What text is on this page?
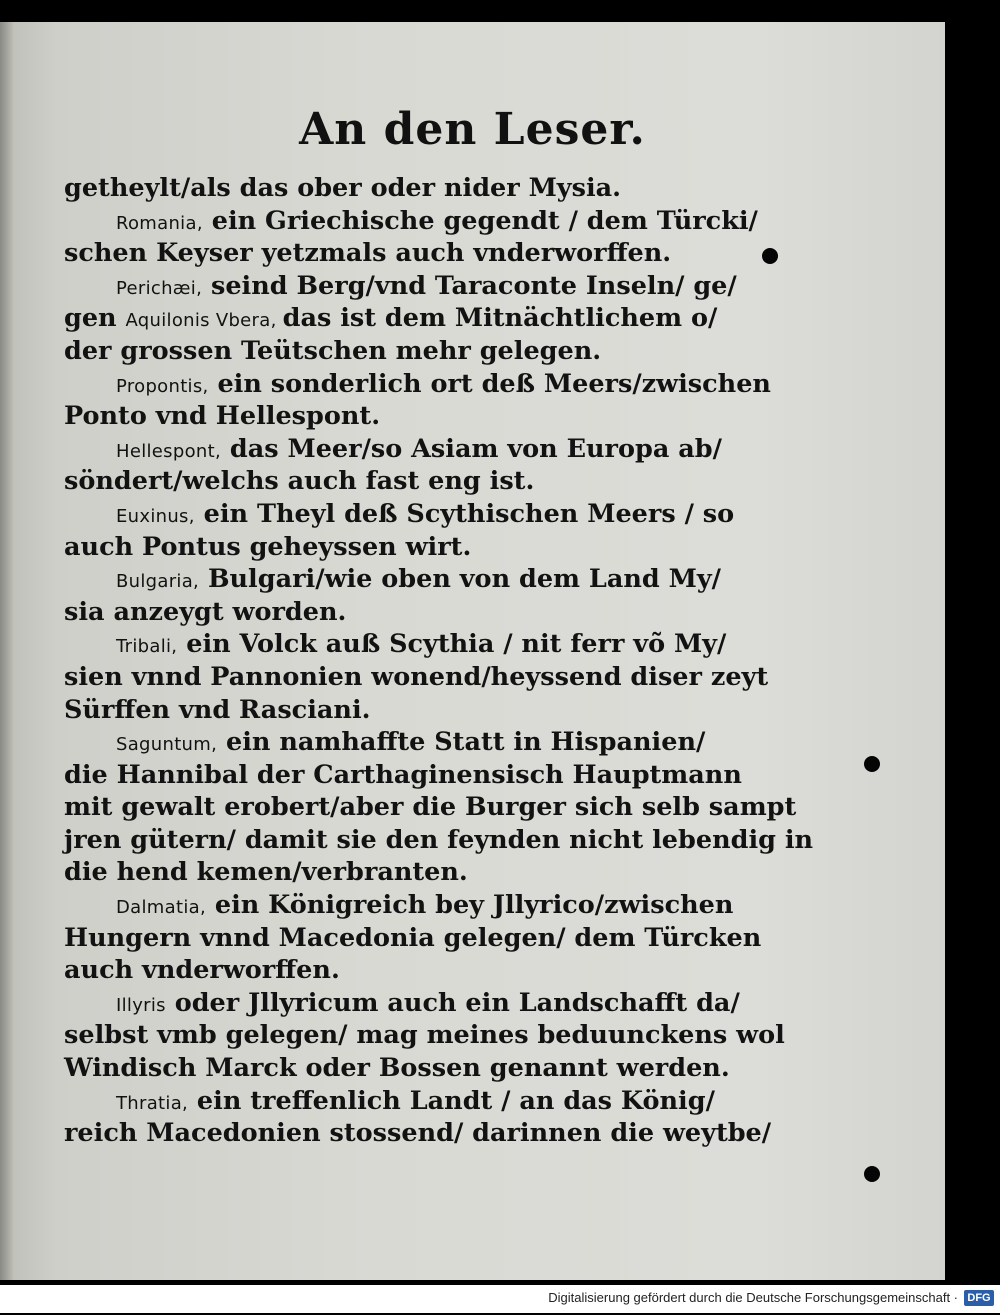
An den Leser.
getheylt/als das ober oder nider Mysia.
Romania, ein Griechische gegendt / dem Türcki/
schen Keyser yetzmals auch vnderworffen.
Perichæi, seind Berg/vnd Taraconte Inseln/ ge/
gen Aquilonis Vbera, das ist dem Mitnächtlichem o/
der grossen Teütschen mehr gelegen.
Propontis, ein sonderlich ort deß Meers/zwischen
Ponto vnd Hellespont.
Hellespont, das Meer/so Asiam von Europa ab/
söndert/welchs auch fast eng ist.
Euxinus, ein Theyl deß Scythischen Meers / so
auch Pontus geheyssen wirt.
Bulgaria, Bulgari/wie oben von dem Land My/
sia anzeygt worden.
Tribali, ein Volck auß Scythia / nit ferr võ My/
sien vnnd Pannonien wonend/heyssend diser zeyt
Sürffen vnd Rasciani.
Saguntum, ein namhaffte Statt in Hispanien/
die Hannibal der Carthaginensisch Hauptmann
mit gewalt erobert/aber die Burger sich selb sampt
jren gütern/ damit sie den feynden nicht lebendig in
die hend kemen/verbranten.
Dalmatia, ein Königreich bey Jllyrico/zwischen
Hungern vnnd Macedonia gelegen/ dem Türcken
auch vnderworffen.
Illyris oder Jllyricum auch ein Landschafft da/
selbst vmb gelegen/ mag meines beduunckens wol
Windisch Marck oder Bossen genannt werden.
Thratia, ein treffenlich Landt / an das König/
reich Macedonien stossend/ darinnen die weytbe/
Digitalisierung gefördert durch die Deutsche Forschungsgemeinschaft · DFG
